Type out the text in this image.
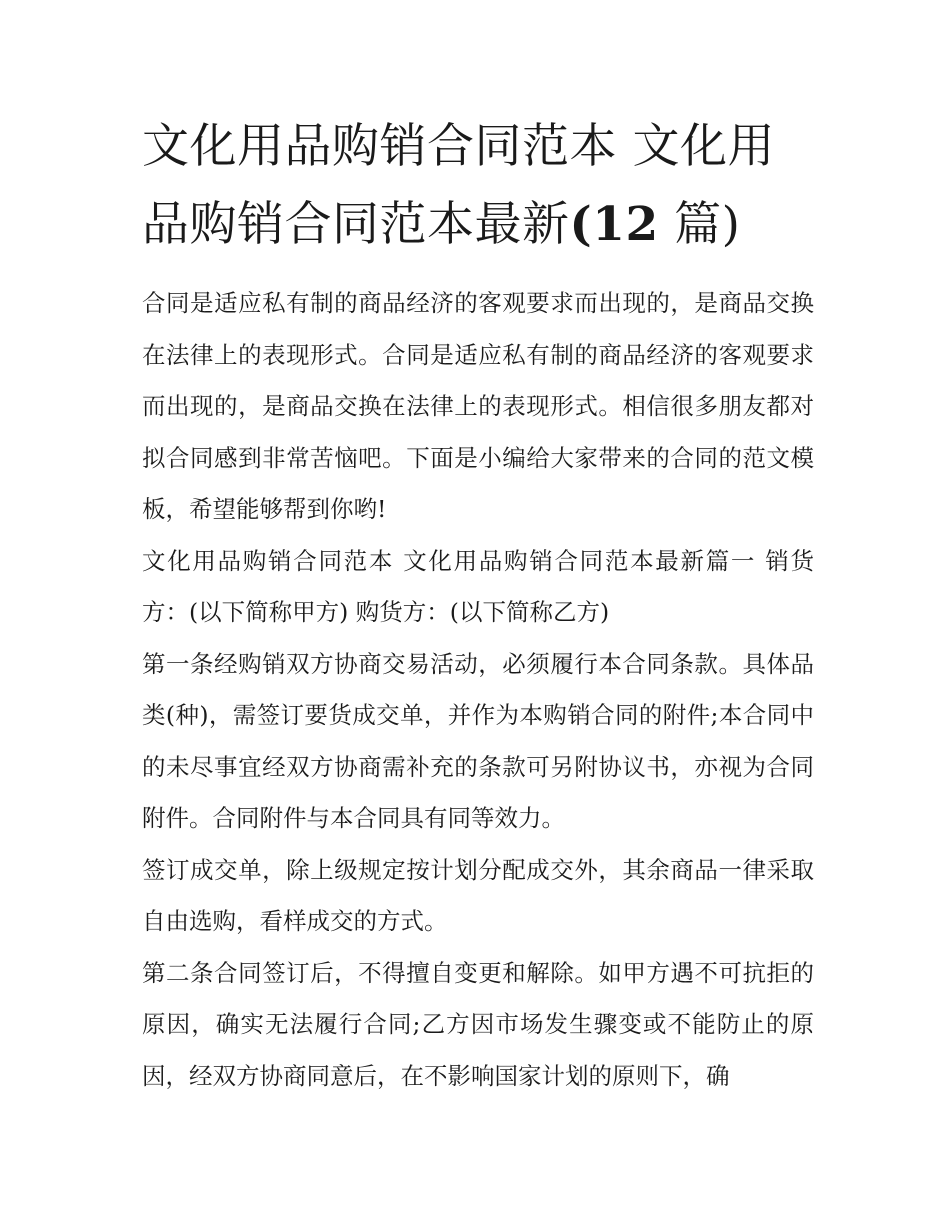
文化用品购销合同范本 文化用品购销合同范本最新(12 篇)

合同是适应私有制的商品经济的客观要求而出现的，是商品交换在法律上的表现形式。合同是适应私有制的商品经济的客观要求而出现的，是商品交换在法律上的表现形式。相信很多朋友都对拟合同感到非常苦恼吧。下面是小编给大家带来的合同的范文模板，希望能够帮到你哟!

文化用品购销合同范本 文化用品购销合同范本最新篇一 销货方：(以下简称甲方) 购货方：(以下简称乙方)

第一条经购销双方协商交易活动，必须履行本合同条款。具体品类(种)，需签订要货成交单，并作为本购销合同的附件;本合同中的未尽事宜经双方协商需补充的条款可另附协议书，亦视为合同附件。合同附件与本合同具有同等效力。

签订成交单，除上级规定按计划分配成交外，其余商品一律采取自由选购，看样成交的方式。

第二条合同签订后，不得擅自变更和解除。如甲方遇不可抗拒的原因，确实无法履行合同;乙方因市场发生骤变或不能防止的原因，经双方协商同意后，在不影响国家计划的原则下，确
